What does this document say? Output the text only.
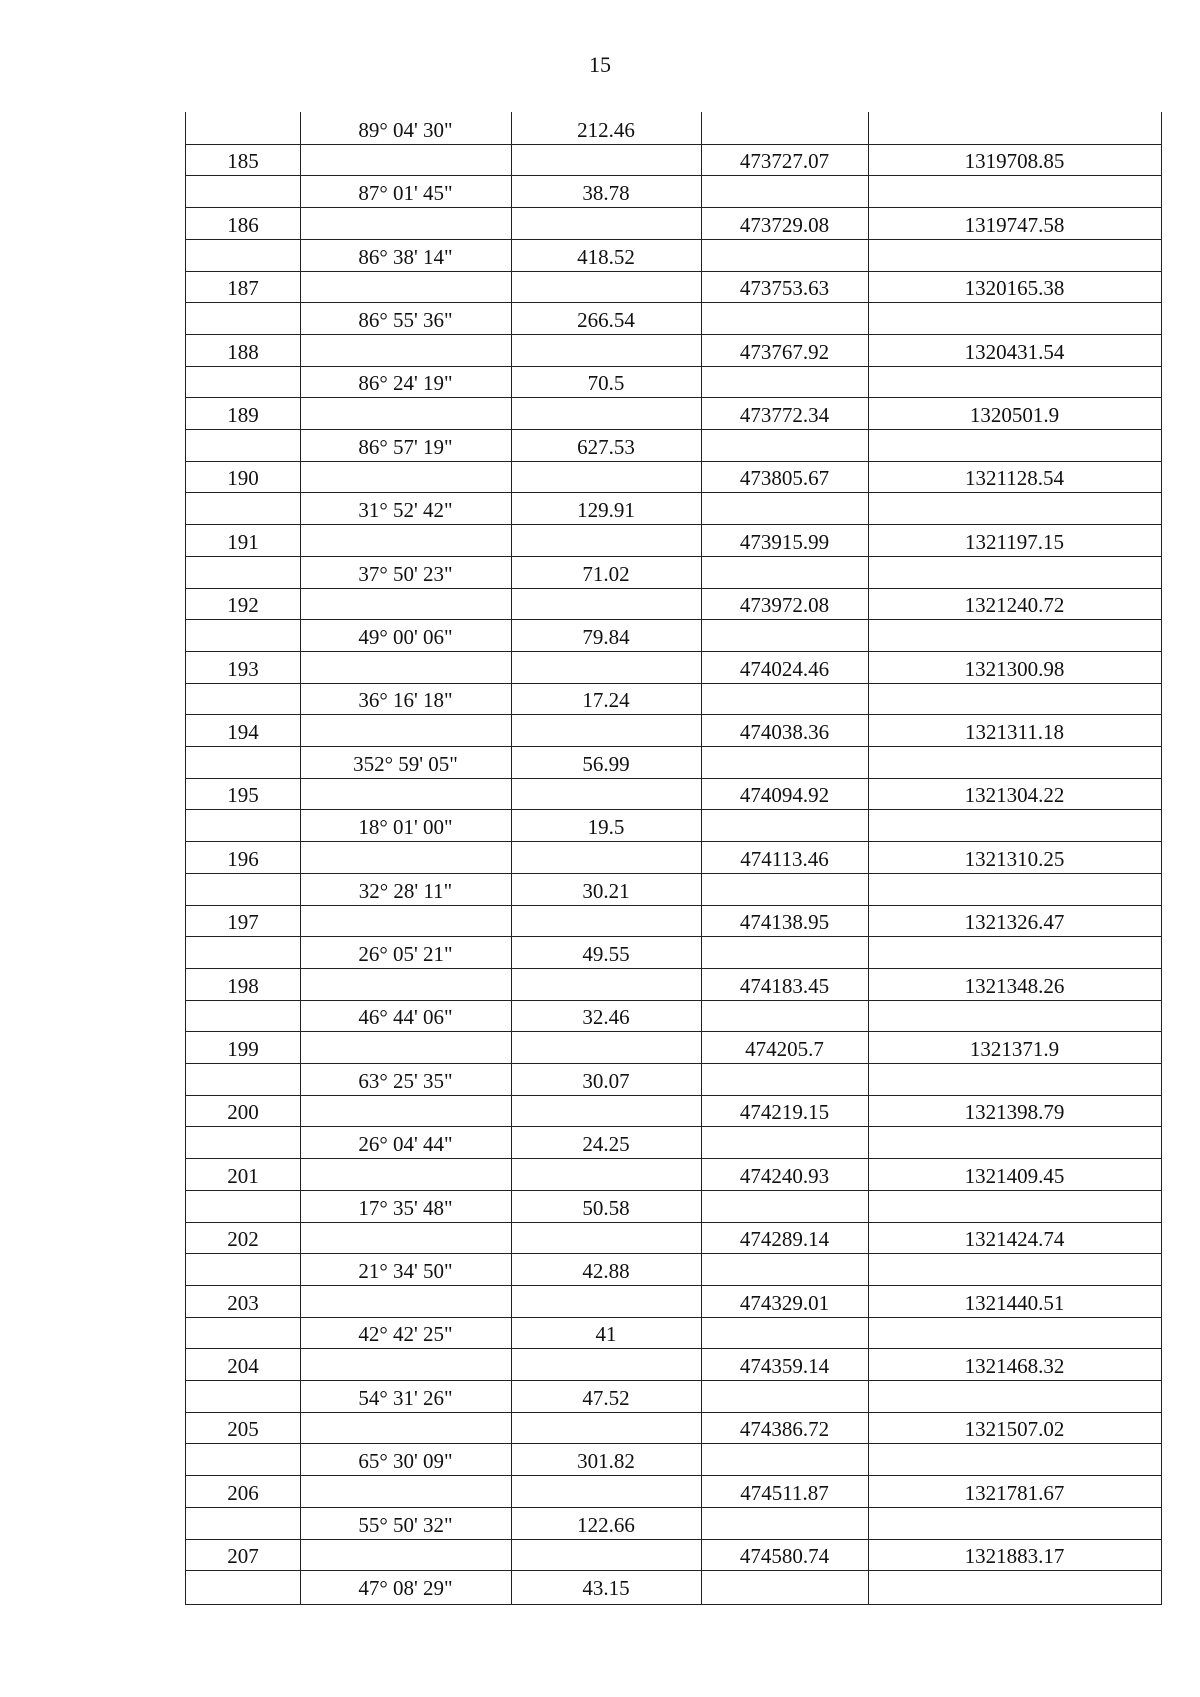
15
89° 04' 30"	212.46
185	473727.07	1319708.85
87° 01' 45"	38.78
186	473729.08	1319747.58
86° 38' 14"	418.52
187	473753.63	1320165.38
86° 55' 36"	266.54
188	473767.92	1320431.54
86° 24' 19"	70.5
189	473772.34	1320501.9
86° 57' 19"	627.53
190	473805.67	1321128.54
31° 52' 42"	129.91
191	473915.99	1321197.15
37° 50' 23"	71.02
192	473972.08	1321240.72
49° 00' 06"	79.84
193	474024.46	1321300.98
36° 16' 18"	17.24
194	474038.36	1321311.18
352° 59' 05"	56.99
195	474094.92	1321304.22
18° 01' 00"	19.5
196	474113.46	1321310.25
32° 28' 11"	30.21
197	474138.95	1321326.47
26° 05' 21"	49.55
198	474183.45	1321348.26
46° 44' 06"	32.46
199	474205.7	1321371.9
63° 25' 35"	30.07
200	474219.15	1321398.79
26° 04' 44"	24.25
201	474240.93	1321409.45
17° 35' 48"	50.58
202	474289.14	1321424.74
21° 34' 50"	42.88
203	474329.01	1321440.51
42° 42' 25"	41
204	474359.14	1321468.32
54° 31' 26"	47.52
205	474386.72	1321507.02
65° 30' 09"	301.82
206	474511.87	1321781.67
55° 50' 32"	122.66
207	474580.74	1321883.17
47° 08' 29"	43.15
